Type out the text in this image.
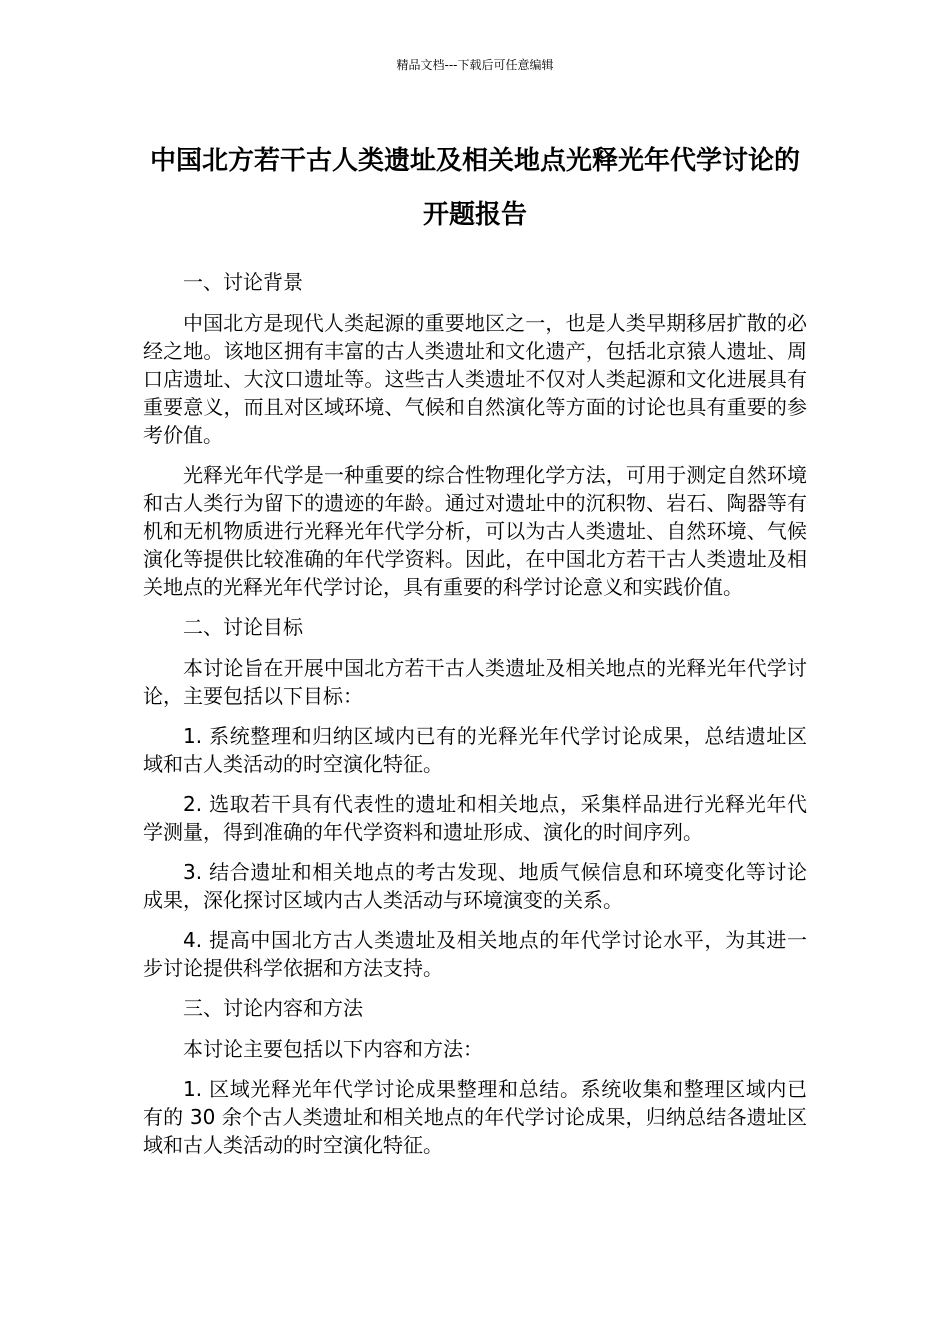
精品文档---下载后可任意编辑
中国北方若干古人类遗址及相关地点光释光年代学讨论的开题报告

一、讨论背景

中国北方是现代人类起源的重要地区之一，也是人类早期移居扩散的必经之地。该地区拥有丰富的古人类遗址和文化遗产，包括北京猿人遗址、周口店遗址、大汶口遗址等。这些古人类遗址不仅对人类起源和文化进展具有重要意义，而且对区域环境、气候和自然演化等方面的讨论也具有重要的参考价值。

光释光年代学是一种重要的综合性物理化学方法，可用于测定自然环境和古人类行为留下的遗迹的年龄。通过对遗址中的沉积物、岩石、陶器等有机和无机物质进行光释光年代学分析，可以为古人类遗址、自然环境、气候演化等提供比较准确的年代学资料。因此，在中国北方若干古人类遗址及相关地点的光释光年代学讨论，具有重要的科学讨论意义和实践价值。

二、讨论目标

本讨论旨在开展中国北方若干古人类遗址及相关地点的光释光年代学讨论，主要包括以下目标：

1. 系统整理和归纳区域内已有的光释光年代学讨论成果，总结遗址区域和古人类活动的时空演化特征。

2. 选取若干具有代表性的遗址和相关地点，采集样品进行光释光年代学测量，得到准确的年代学资料和遗址形成、演化的时间序列。

3. 结合遗址和相关地点的考古发现、地质气候信息和环境变化等讨论成果，深化探讨区域内古人类活动与环境演变的关系。

4. 提高中国北方古人类遗址及相关地点的年代学讨论水平，为其进一步讨论提供科学依据和方法支持。

三、讨论内容和方法

本讨论主要包括以下内容和方法：

1. 区域光释光年代学讨论成果整理和总结。系统收集和整理区域内已有的 30 余个古人类遗址和相关地点的年代学讨论成果，归纳总结各遗址区域和古人类活动的时空演化特征。
